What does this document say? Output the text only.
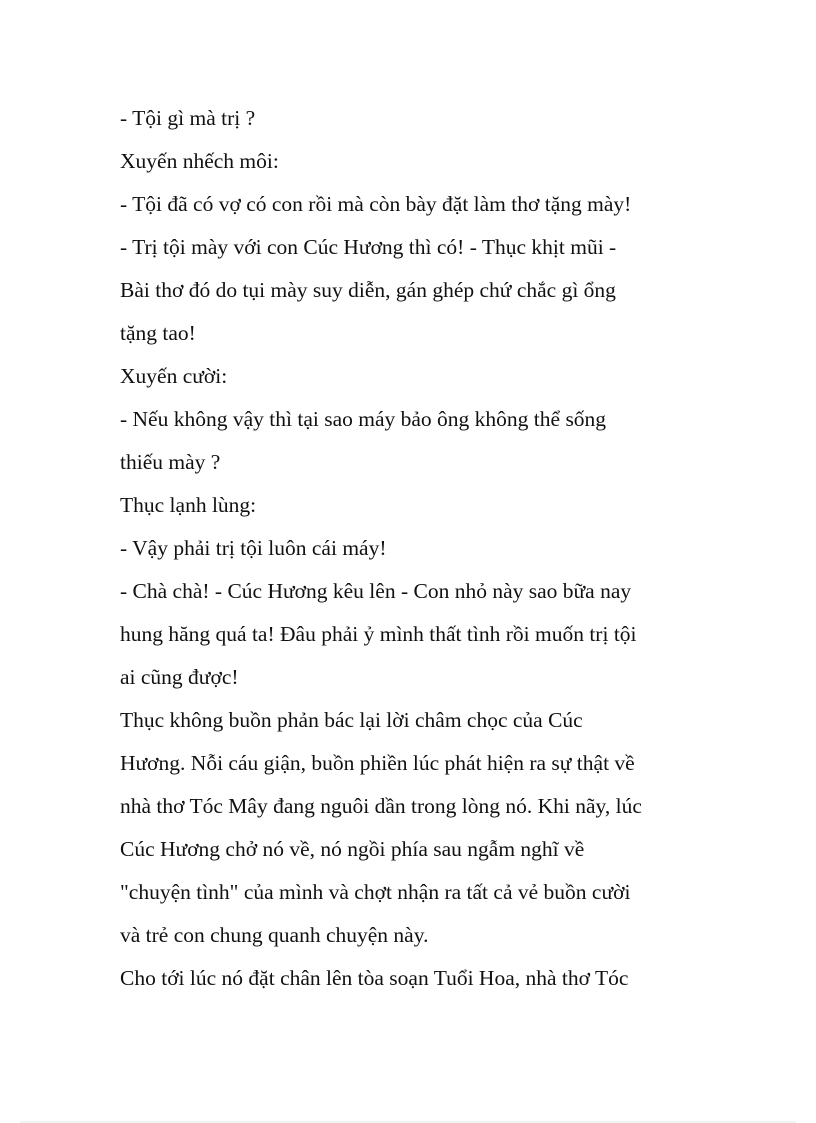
- Tội gì mà trị ?
Xuyến nhếch môi:
- Tội đã có vợ có con rồi mà còn bày đặt làm thơ tặng mày!
- Trị tội mày với con Cúc Hương thì có! - Thục khịt mũi -
Bài thơ đó do tụi mày suy diễn, gán ghép chứ chắc gì ổng
tặng tao!
Xuyến cười:
- Nếu không vậy thì tại sao máy bảo ông không thể sống
thiếu mày ?
Thục lạnh lùng:
- Vậy phải trị tội luôn cái máy!
- Chà chà! - Cúc Hương kêu lên - Con nhỏ này sao bữa nay
hung hăng quá ta! Đâu phải ỷ mình thất tình rồi muốn trị tội
ai cũng được!
Thục không buồn phản bác lại lời châm chọc của Cúc
Hương. Nỗi cáu giận, buồn phiền lúc phát hiện ra sự thật về
nhà thơ Tóc Mây đang nguôi dần trong lòng nó. Khi nãy, lúc
Cúc Hương chở nó về, nó ngồi phía sau ngẫm nghĩ về
"chuyện tình" của mình và chợt nhận ra tất cả vẻ buồn cười
và trẻ con chung quanh chuyện này.
Cho tới lúc nó đặt chân lên tòa soạn Tuổi Hoa, nhà thơ Tóc
